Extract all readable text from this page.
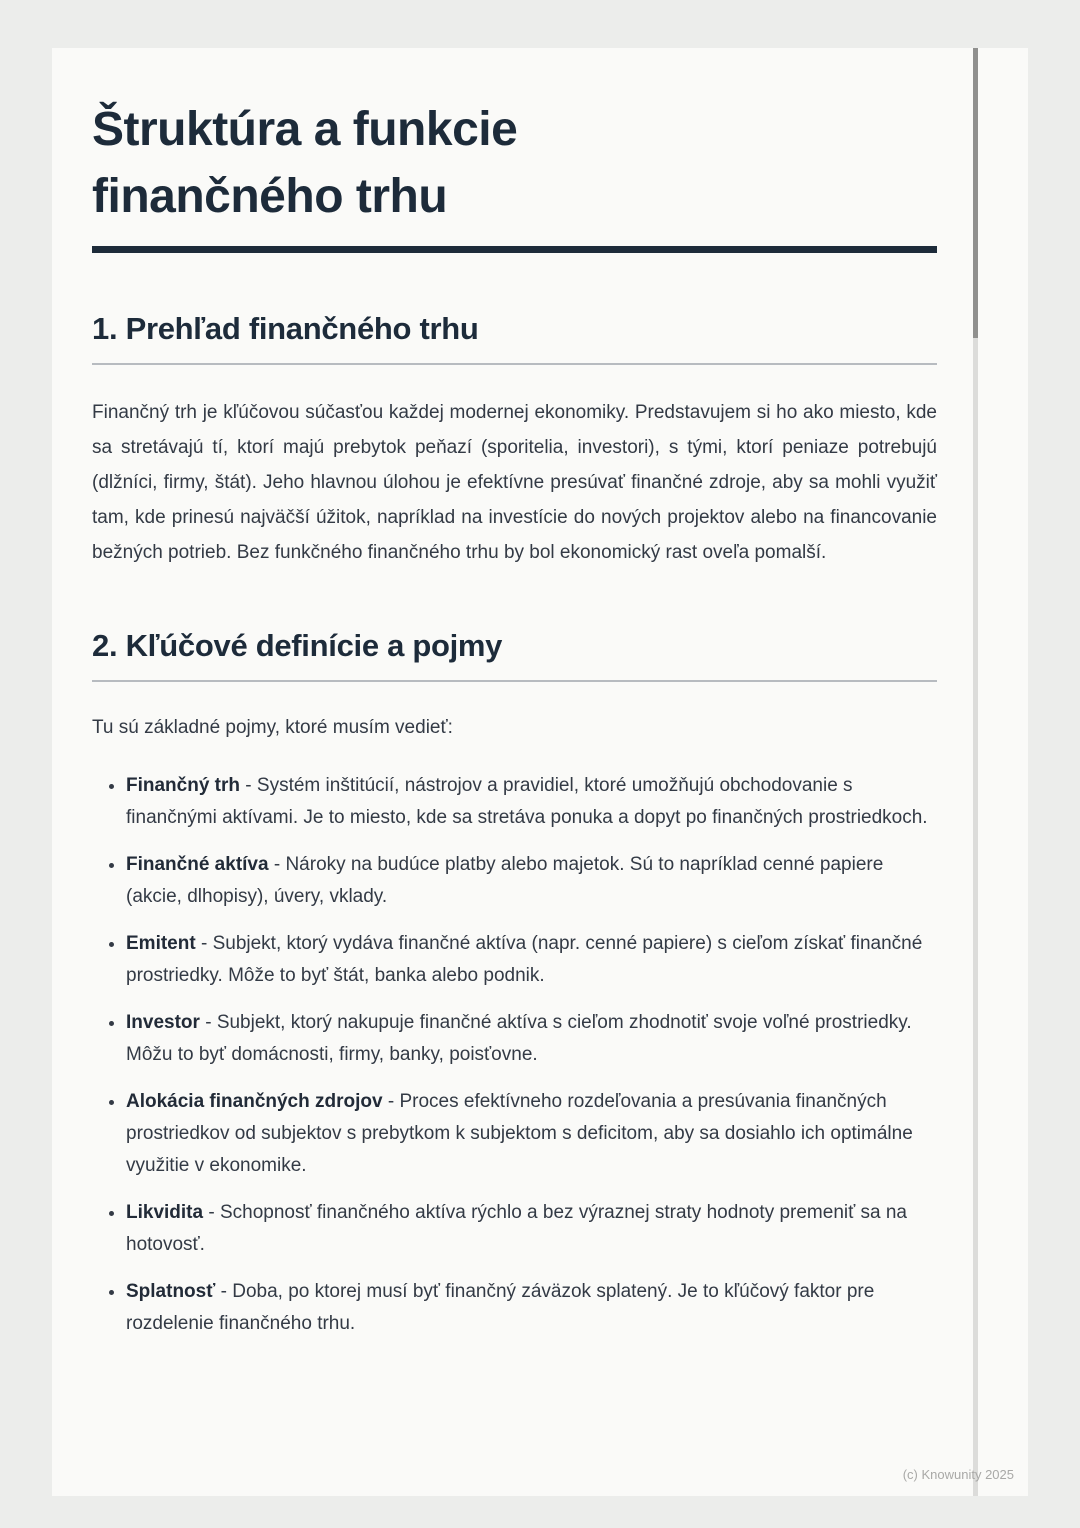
Štruktúra a funkcie
finančného trhu
1. Prehľad finančného trhu

Finančný trh je kľúčovou súčasťou každej modernej ekonomiky. Predstavujem si ho ako miesto, kde sa stretávajú tí, ktorí majú prebytok peňazí (sporitelia, investori), s tými, ktorí peniaze potrebujú (dlžníci, firmy, štát). Jeho hlavnou úlohou je efektívne presúvať finančné zdroje, aby sa mohli využiť tam, kde prinesú najväčší úžitok, napríklad na investície do nových projektov alebo na financovanie bežných potrieb. Bez funkčného finančného trhu by bol ekonomický rast oveľa pomalší.

2. Kľúčové definície a pojmy

Tu sú základné pojmy, ktoré musím vedieť:

• Finančný trh - Systém inštitúcií, nástrojov a pravidiel, ktoré umožňujú obchodovanie s finančnými aktívami. Je to miesto, kde sa stretáva ponuka a dopyt po finančných prostriedkoch.
• Finančné aktíva - Nároky na budúce platby alebo majetok. Sú to napríklad cenné papiere (akcie, dlhopisy), úvery, vklady.
• Emitent - Subjekt, ktorý vydáva finančné aktíva (napr. cenné papiere) s cieľom získať finančné prostriedky. Môže to byť štát, banka alebo podnik.
• Investor - Subjekt, ktorý nakupuje finančné aktíva s cieľom zhodnotiť svoje voľné prostriedky. Môžu to byť domácnosti, firmy, banky, poisťovne.
• Alokácia finančných zdrojov - Proces efektívneho rozdeľovania a presúvania finančných prostriedkov od subjektov s prebytkom k subjektom s deficitom, aby sa dosiahlo ich optimálne využitie v ekonomike.
• Likvidita - Schopnosť finančného aktíva rýchlo a bez výraznej straty hodnoty premeniť sa na hotovosť.
• Splatnosť - Doba, po ktorej musí byť finančný záväzok splatený. Je to kľúčový faktor pre rozdelenie finančného trhu.
(c) Knowunity 2025
